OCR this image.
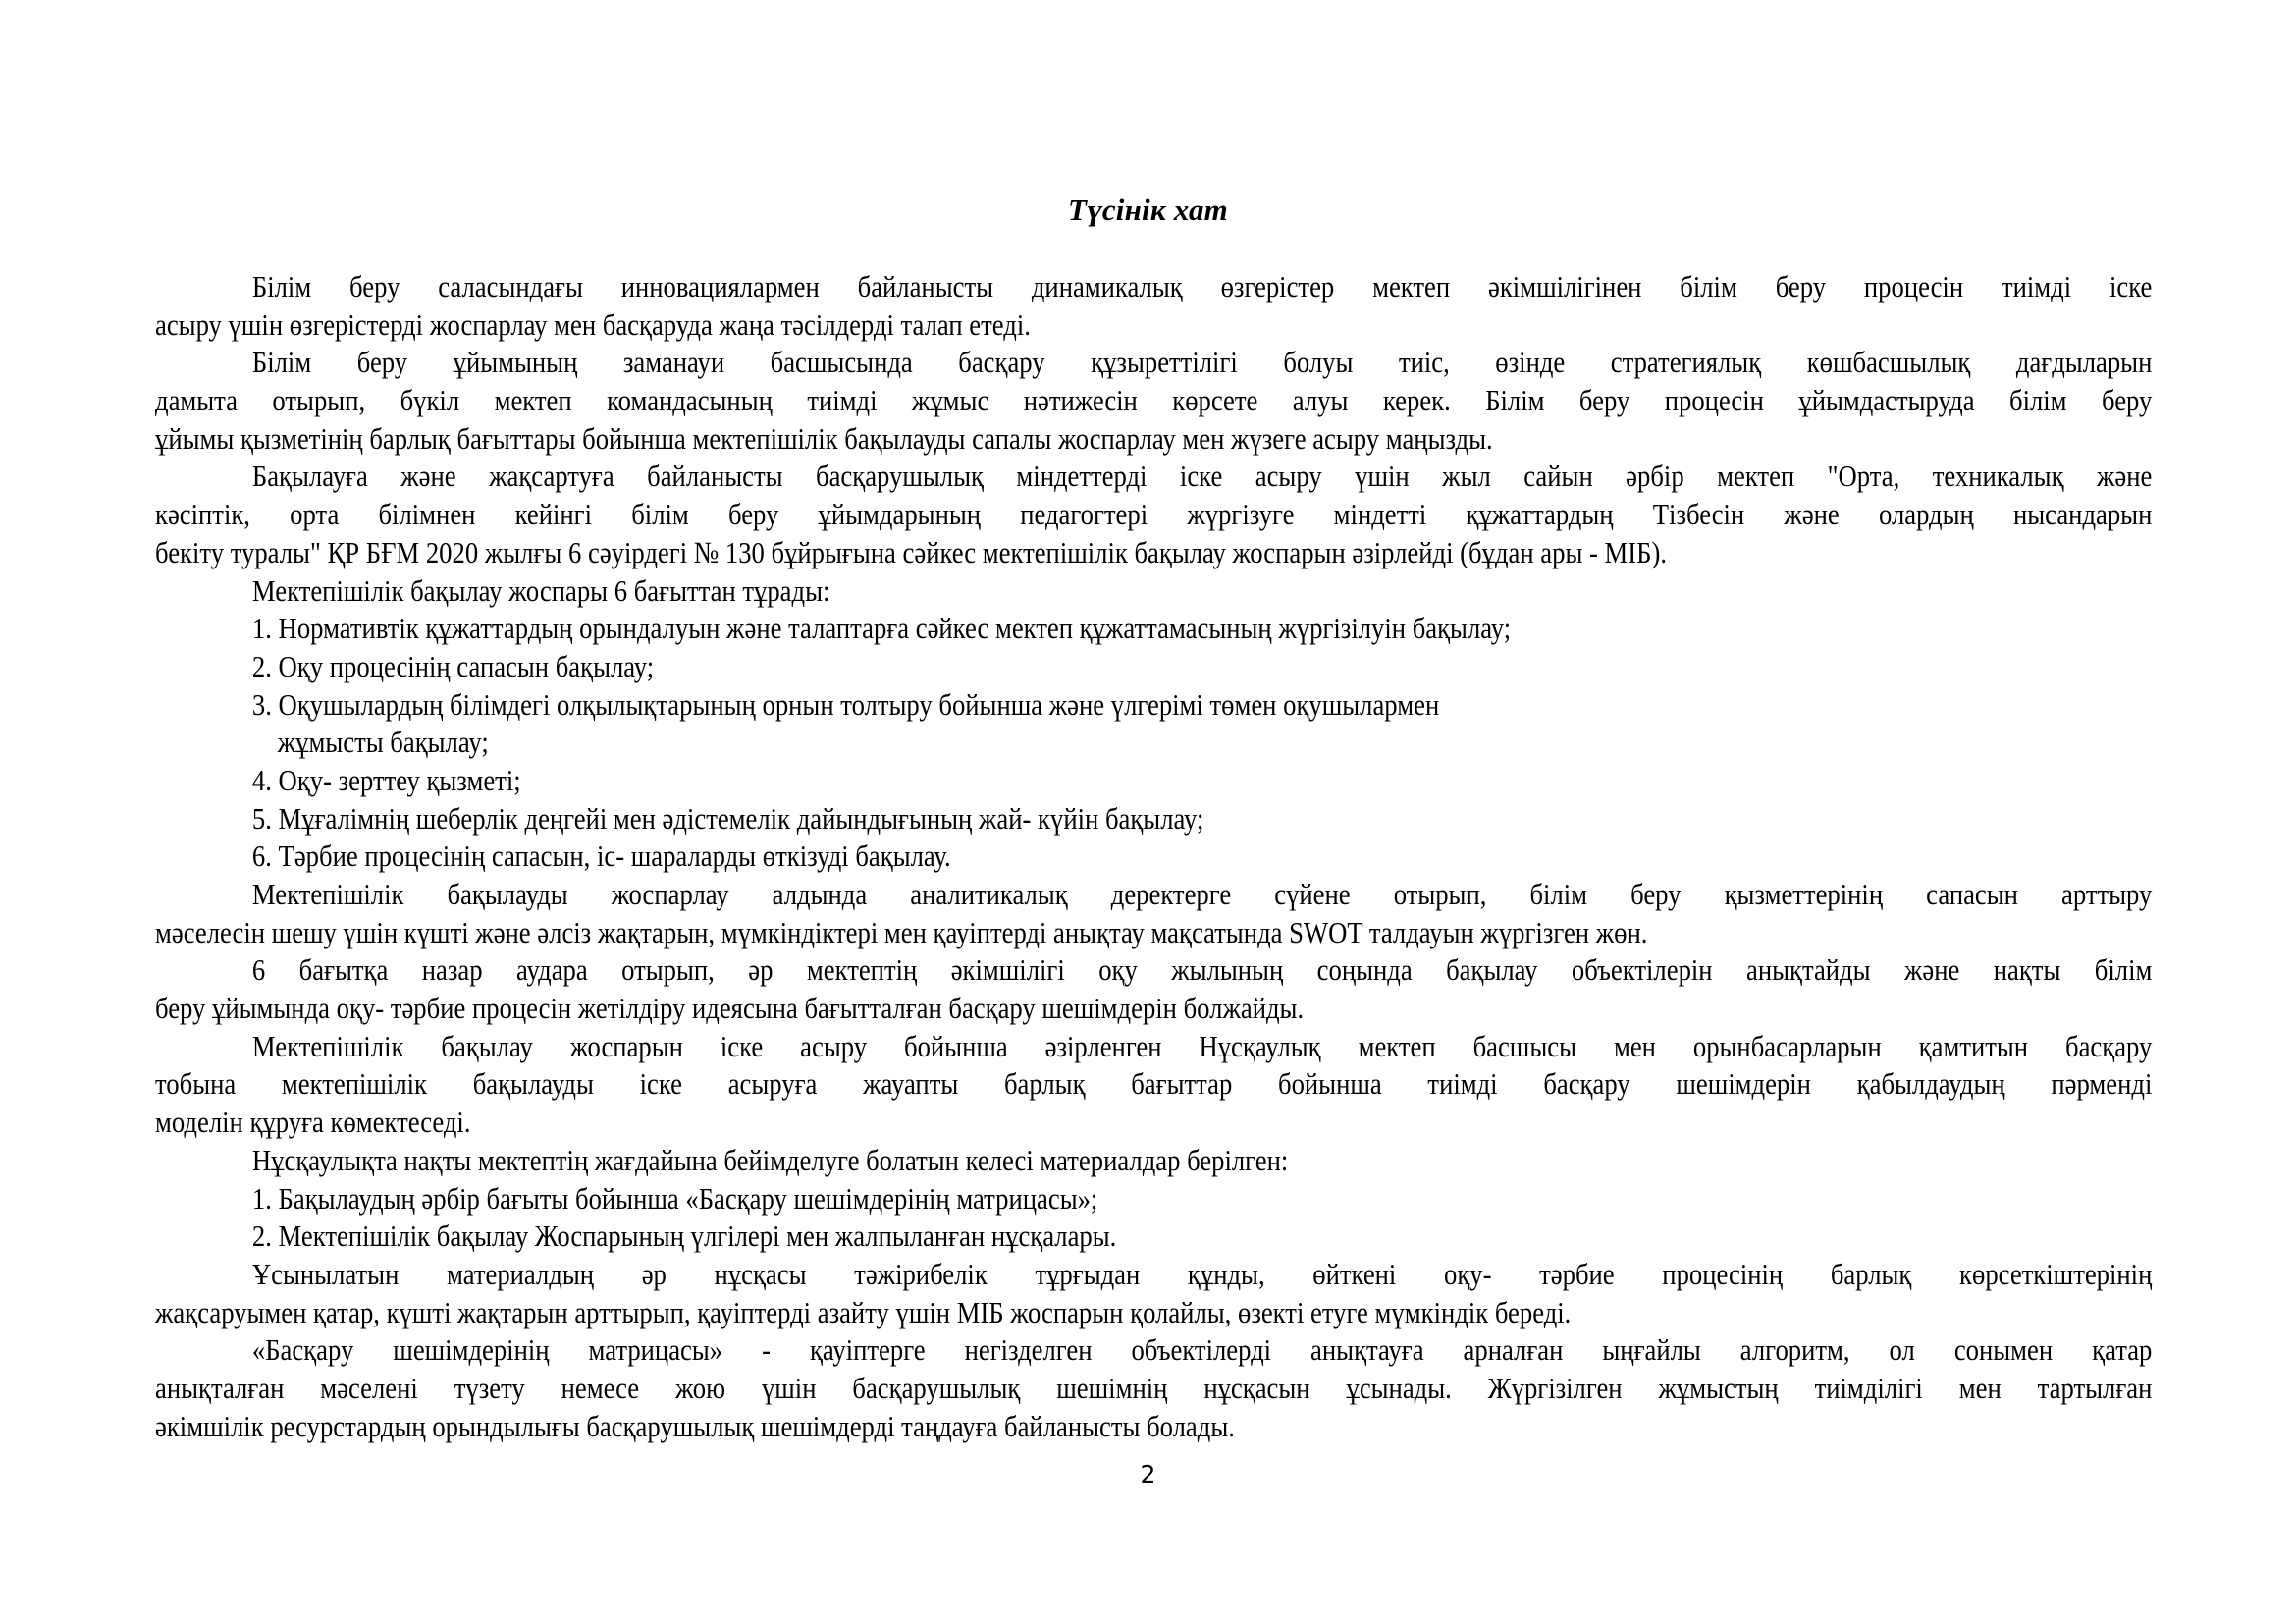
Түсінік хат
Білім беру саласындағы инновациялармен байланысты динамикалық өзгерістер мектеп әкімшілігінен білім беру процесін тиімді іске
асыру үшін өзгерістерді жоспарлау мен басқаруда жаңа тәсілдерді талап етеді.
Білім беру ұйымының заманауи басшысында басқару құзыреттілігі болуы тиіс, өзінде стратегиялық көшбасшылық дағдыларын
дамыта отырып, бүкіл мектеп командасының тиімді жұмыс нәтижесін көрсете алуы керек. Білім беру процесін ұйымдастыруда білім беру
ұйымы қызметінің барлық бағыттары бойынша мектепішілік бақылауды сапалы жоспарлау мен жүзеге асыру маңызды.
Бақылауға және жақсартуға байланысты басқарушылық міндеттерді іске асыру үшін жыл сайын әрбір мектеп "Орта, техникалық және
кәсіптік, орта білімнен кейінгі білім беру ұйымдарының педагогтері жүргізуге міндетті құжаттардың Тізбесін және олардың нысандарын
бекіту туралы" ҚР БҒМ 2020 жылғы 6 сәуірдегі № 130 бұйрығына сәйкес мектепішілік бақылау жоспарын әзірлейді (бұдан ары - МІБ).
Мектепішілік бақылау жоспары 6 бағыттан тұрады:
1. Нормативтік құжаттардың орындалуын және талаптарға сәйкес мектеп құжаттамасының жүргізілуін бақылау;
2. Оқу процесінің сапасын бақылау;
3. Оқушылардың білімдегі олқылықтарының орнын толтыру бойынша және үлгерімі төмен оқушылармен
жұмысты бақылау;
4. Оқу- зерттеу қызметі;
5. Мұғалімнің шеберлік деңгейі мен әдістемелік дайындығының жай- күйін бақылау;
6. Тәрбие процесінің сапасын, іс- шараларды өткізуді бақылау.
Мектепішілік бақылауды жоспарлау алдында аналитикалық деректерге сүйене отырып, білім беру қызметтерінің сапасын арттыру
мәселесін шешу үшін күшті және әлсіз жақтарын, мүмкіндіктері мен қауіптерді анықтау мақсатында SWOT талдауын жүргізген жөн.
6 бағытқа назар аудара отырып, әр мектептің әкімшілігі оқу жылының соңында бақылау объектілерін анықтайды және нақты білім
беру ұйымында оқу- тәрбие процесін жетілдіру идеясына бағытталған басқару шешімдерін болжайды.
Мектепішілік бақылау жоспарын іске асыру бойынша әзірленген Нұсқаулық мектеп басшысы мен орынбасарларын қамтитын басқару
тобына мектепішілік бақылауды іске асыруға жауапты барлық бағыттар бойынша тиімді басқару шешімдерін қабылдаудың пәрменді
моделін құруға көмектеседі.
Нұсқаулықта нақты мектептің жағдайына бейімделуге болатын келесі материалдар берілген:
1. Бақылаудың әрбір бағыты бойынша «Басқару шешімдерінің матрицасы»;
2. Мектепішілік бақылау Жоспарының үлгілері мен жалпыланған нұсқалары.
Ұсынылатын материалдың әр нұсқасы тәжірибелік тұрғыдан құнды, өйткені оқу- тәрбие процесінің барлық көрсеткіштерінің
жақсаруымен қатар, күшті жақтарын арттырып, қауіптерді азайту үшін МІБ жоспарын қолайлы, өзекті етуге мүмкіндік береді.
«Басқару шешімдерінің матрицасы» - қауіптерге негізделген объектілерді анықтауға арналған ыңғайлы алгоритм, ол сонымен қатар
анықталған мәселені түзету немесе жою үшін басқарушылық шешімнің нұсқасын ұсынады. Жүргізілген жұмыстың тиімділігі мен тартылған
әкімшілік ресурстардың орындылығы басқарушылық шешімдерді таңдауға байланысты болады.
2
